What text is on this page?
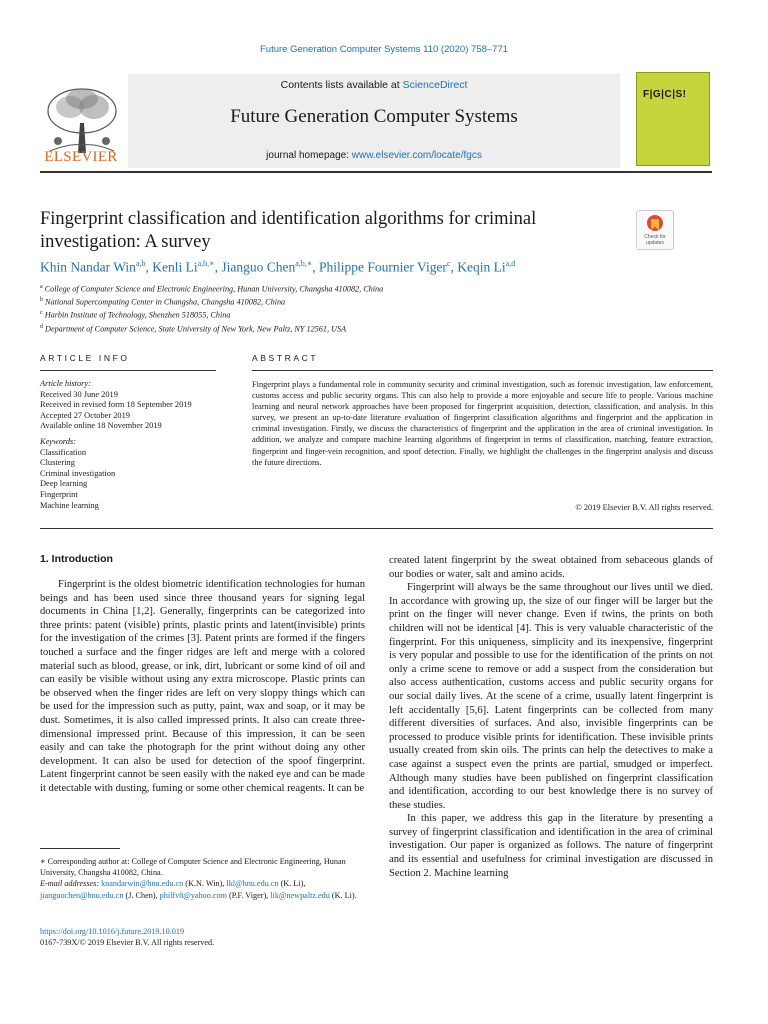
Future Generation Computer Systems 110 (2020) 758–771
Contents lists available at ScienceDirect
Future Generation Computer Systems
journal homepage: www.elsevier.com/locate/fgcs
ELSEVIER
F|G|C|S!
Fingerprint classification and identification algorithms for criminal investigation: A survey	Check for
updates
Khin Nandar Win$^{a,b}$, Kenli $Li^{a,b,∗}$, Jianguo Chen$^{a,b,∗}$, Philippe Fournier Viger$^c$, Keqin Li$^{a,d}$
$^a$ College of Computer Science and Electronic Engineering, Hunan University, Changsha 410082, China
$^b$ National Supercomputing Center in Changsha, Changsha 410082, China
$^c$ Harbin Institute of Technology, Shenzhen 518055, China
$^d$ Department of Computer Science, State University of New York, New Paltz, NY 12561, USA
ARTICLE INFO	ABSTRACT
Article history:
Received 30 June 2019
Received in revised form 18 September 2019
Accepted 27 October 2019
Available online 18 November 2019
Keywords:
Classification
Clustering
Criminal investigation
Deep learning
Fingerprint
Machine learning
Fingerprint plays a fundamental role in community security and criminal investigation, such as forensic investigation, law enforcement, customs access and public security organs. This can also help to provide a more enjoyable and secure life to people. Various machine learning and neural network approaches have been proposed for fingerprint acquisition, detection, classification, and analysis. In this survey, we present an up-to-date literature evaluation of fingerprint classification algorithms and fingerprint and the application in criminal investigation. Firstly, we discuss the characteristics of fingerprint and the application in the area of criminal investigation. In addition, we analyze and compare machine learning algorithms of fingerprint in terms of classification, matching, feature extraction, fingerprint and finger-vein recognition, and spoof detection. Finally, we highlight the challenges in the fingerprint analysis and discuss the future directions.
© 2019 Elsevier B.V. All rights reserved.
1. Introduction

Fingerprint is the oldest biometric identification technologies for human beings and has been used since three thousand years for signing legal documents in China [1,2]. Generally, fingerprints can be categorized into three prints: patent (visible) prints, plastic prints and latent(invisible) prints for the investigation of the crimes [3]. Patent prints are formed if the fingers touched a surface and the finger ridges are left and merge with a colored material such as blood, grease, or ink, dirt, lubricant or some kind of oil and can easily be visible without using any extra microscope. Plastic prints can be observed when the finger rides are left on very sloppy things which can be used for the impression such as putty, paint, wax and soap, or it may be dust. Sometimes, it is also called impressed prints. It also can create three-dimensional impressed print. Because of this impression, it can be seen easily and can take the photograph for the print without doing any other development. It can also be used for detection of the spoof fingerprint. Latent fingerprint cannot be seen easily with the naked eye and can be made it detectable with dusting, fuming or some other chemical reagents. It can be

created latent fingerprint by the sweat obtained from sebaceous glands of our bodies or water, salt and amino acids.

Fingerprint will always be the same throughout our lives until we died. In accordance with growing up, the size of our finger will be larger but the print on the finger will never change. Even if twins, the prints on both children will not be identical [4]. This is very valuable characteristic of the fingerprint. For this uniqueness, simplicity and its inexpensive, fingerprint is very popular and possible to use for the identification of the prints on not only a crime scene to remove or add a suspect from the consideration but also access authentication, customs access and public security organs for our social daily lives. At the scene of a crime, usually latent fingerprint is left accidentally [5,6]. Latent fingerprints can be collected from many different diversities of surfaces. And also, invisible fingerprints can be processed to produce visible prints for identification. These invisible prints usually created from skin oils. The prints can help the detectives to make a case against a suspect even the prints are partial, smudged or imperfect. Although many studies have been published on fingerprint classification and identification, according to our best knowledge there is no survey of these studies.

In this paper, we address this gap in the literature by presenting a survey of fingerprint classification and identification in the area of criminal investigation. Our paper is organized as follows. The nature of fingerprint and its essential and usefulness for criminal investigation are discussed in Section 2. Machine learning

∗ Corresponding author at: College of Computer Science and Electronic Engineering, Hunan University, Changsha 410082, China.

E-mail addresses: knandarwin@hnu.edu.cn (K.N. Win), lkl@hnu.edu.cn (K. Li), jianguochen@hnu.edu.cn (J. Chen), philfv8@yahoo.com (P.F. Viger), lik@newpaltz.edu (K. Li).

https://doi.org/10.1016/j.future.2019.10.019
0167-739X/© 2019 Elsevier B.V. All rights reserved.
